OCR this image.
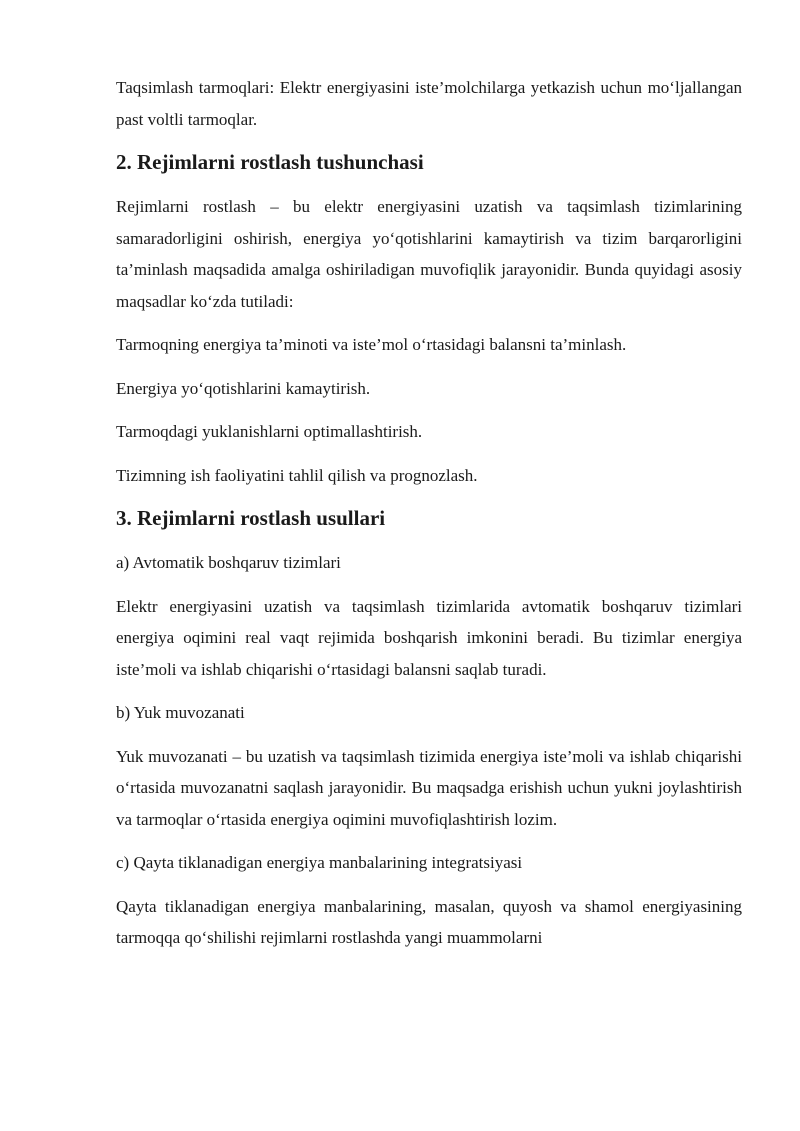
Taqsimlash tarmoqlari: Elektr energiyasini iste’molchilarga yetkazish uchun mo‘ljallangan past voltli tarmoqlar.

2. Rejimlarni rostlash tushunchasi

Rejimlarni rostlash – bu elektr energiyasini uzatish va taqsimlash tizimlarining samaradorligini oshirish, energiya yo‘qotishlarini kamaytirish va tizim barqarorligini ta’minlash maqsadida amalga oshiriladigan muvofiqlik jarayonidir. Bunda quyidagi asosiy maqsadlar ko‘zda tutiladi:

Tarmoqning energiya ta’minoti va iste’mol o‘rtasidagi balansni ta’minlash.

Energiya yo‘qotishlarini kamaytirish.

Tarmoqdagi yuklanishlarni optimallashtirish.

Tizimning ish faoliyatini tahlil qilish va prognozlash.

3. Rejimlarni rostlash usullari

a) Avtomatik boshqaruv tizimlari

Elektr energiyasini uzatish va taqsimlash tizimlarida avtomatik boshqaruv tizimlari energiya oqimini real vaqt rejimida boshqarish imkonini beradi. Bu tizimlar energiya iste’moli va ishlab chiqarishi o‘rtasidagi balansni saqlab turadi.

b) Yuk muvozanati

Yuk muvozanati – bu uzatish va taqsimlash tizimida energiya iste’moli va ishlab chiqarishi o‘rtasida muvozanatni saqlash jarayonidir. Bu maqsadga erishish uchun yukni joylashtirish va tarmoqlar o‘rtasida energiya oqimini muvofiqlashtirish lozim.

c) Qayta tiklanadigan energiya manbalarining integratsiyasi

Qayta tiklanadigan energiya manbalarining, masalan, quyosh va shamol energiyasining tarmoqqa qo‘shilishi rejimlarni rostlashda yangi muammolarni
